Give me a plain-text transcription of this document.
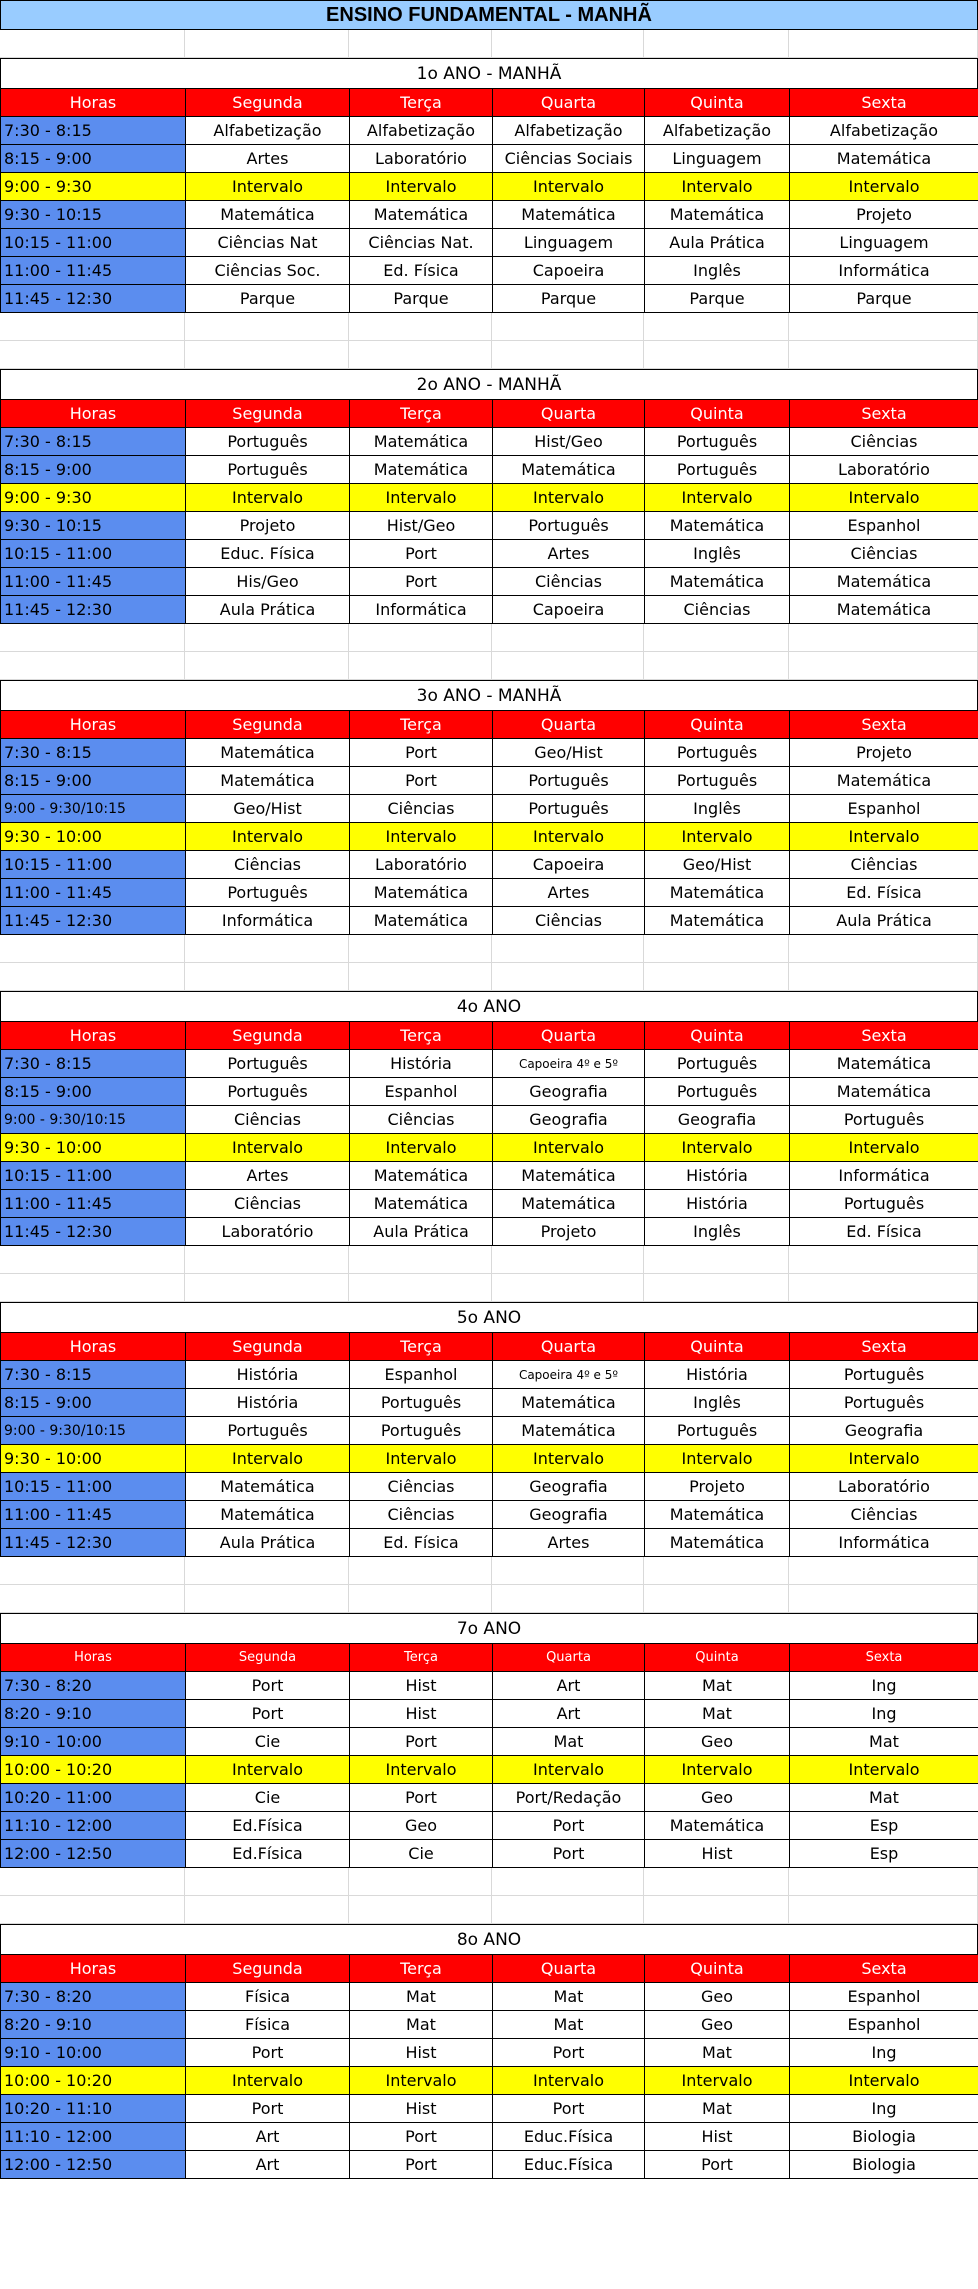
ENSINO FUNDAMENTAL - MANHÃ
1o ANO - MANHÃ
Horas	Segunda	Terça	Quarta	Quinta	Sexta
7:30 - 8:15	Alfabetização	Alfabetização	Alfabetização	Alfabetização	Alfabetização
8:15 - 9:00	Artes	Laboratório	Ciências Sociais	Linguagem	Matemática
9:00 - 9:30	Intervalo	Intervalo	Intervalo	Intervalo	Intervalo
9:30 - 10:15	Matemática	Matemática	Matemática	Matemática	Projeto
10:15 - 11:00	Ciências Nat	Ciências Nat.	Linguagem	Aula Prática	Linguagem
11:00 - 11:45	Ciências Soc.	Ed. Física	Capoeira	Inglês	Informática
11:45 - 12:30	Parque	Parque	Parque	Parque	Parque
2o ANO - MANHÃ
Horas	Segunda	Terça	Quarta	Quinta	Sexta
7:30 - 8:15	Português	Matemática	Hist/Geo	Português	Ciências
8:15 - 9:00	Português	Matemática	Matemática	Português	Laboratório
9:00 - 9:30	Intervalo	Intervalo	Intervalo	Intervalo	Intervalo
9:30 - 10:15	Projeto	Hist/Geo	Português	Matemática	Espanhol
10:15 - 11:00	Educ. Física	Port	Artes	Inglês	Ciências
11:00 - 11:45	His/Geo	Port	Ciências	Matemática	Matemática
11:45 - 12:30	Aula Prática	Informática	Capoeira	Ciências	Matemática
3o ANO - MANHÃ
Horas	Segunda	Terça	Quarta	Quinta	Sexta
7:30 - 8:15	Matemática	Port	Geo/Hist	Português	Projeto
8:15 - 9:00	Matemática	Port	Português	Português	Matemática
9:00 - 9:30/10:15	Geo/Hist	Ciências	Português	Inglês	Espanhol
9:30 - 10:00	Intervalo	Intervalo	Intervalo	Intervalo	Intervalo
10:15 - 11:00	Ciências	Laboratório	Capoeira	Geo/Hist	Ciências
11:00 - 11:45	Português	Matemática	Artes	Matemática	Ed. Física
11:45 - 12:30	Informática	Matemática	Ciências	Matemática	Aula Prática
4o ANO
Horas	Segunda	Terça	Quarta	Quinta	Sexta
7:30 - 8:15	Português	História	Capoeira 4º e 5º	Português	Matemática
8:15 - 9:00	Português	Espanhol	Geografia	Português	Matemática
9:00 - 9:30/10:15	Ciências	Ciências	Geografia	Geografia	Português
9:30 - 10:00	Intervalo	Intervalo	Intervalo	Intervalo	Intervalo
10:15 - 11:00	Artes	Matemática	Matemática	História	Informática
11:00 - 11:45	Ciências	Matemática	Matemática	História	Português
11:45 - 12:30	Laboratório	Aula Prática	Projeto	Inglês	Ed. Física
5o ANO
Horas	Segunda	Terça	Quarta	Quinta	Sexta
7:30 - 8:15	História	Espanhol	Capoeira 4º e 5º	História	Português
8:15 - 9:00	História	Português	Matemática	Inglês	Português
9:00 - 9:30/10:15	Português	Português	Matemática	Português	Geografia
9:30 - 10:00	Intervalo	Intervalo	Intervalo	Intervalo	Intervalo
10:15 - 11:00	Matemática	Ciências	Geografia	Projeto	Laboratório
11:00 - 11:45	Matemática	Ciências	Geografia	Matemática	Ciências
11:45 - 12:30	Aula Prática	Ed. Física	Artes	Matemática	Informática
7o ANO
Horas	Segunda	Terça	Quarta	Quinta	Sexta
7:30 - 8:20	Port	Hist	Art	Mat	Ing
8:20 - 9:10	Port	Hist	Art	Mat	Ing
9:10 - 10:00	Cie	Port	Mat	Geo	Mat
10:00 - 10:20	Intervalo	Intervalo	Intervalo	Intervalo	Intervalo
10:20 - 11:00	Cie	Port	Port/Redação	Geo	Mat
11:10 - 12:00	Ed.Física	Geo	Port	Matemática	Esp
12:00 - 12:50	Ed.Física	Cie	Port	Hist	Esp
8o ANO
Horas	Segunda	Terça	Quarta	Quinta	Sexta
7:30 - 8:20	Física	Mat	Mat	Geo	Espanhol
8:20 - 9:10	Física	Mat	Mat	Geo	Espanhol
9:10 - 10:00	Port	Hist	Port	Mat	Ing
10:00 - 10:20	Intervalo	Intervalo	Intervalo	Intervalo	Intervalo
10:20 - 11:10	Port	Hist	Port	Mat	Ing
11:10 - 12:00	Art	Port	Educ.Física	Hist	Biologia
12:00 - 12:50	Art	Port	Educ.Física	Port	Biologia
